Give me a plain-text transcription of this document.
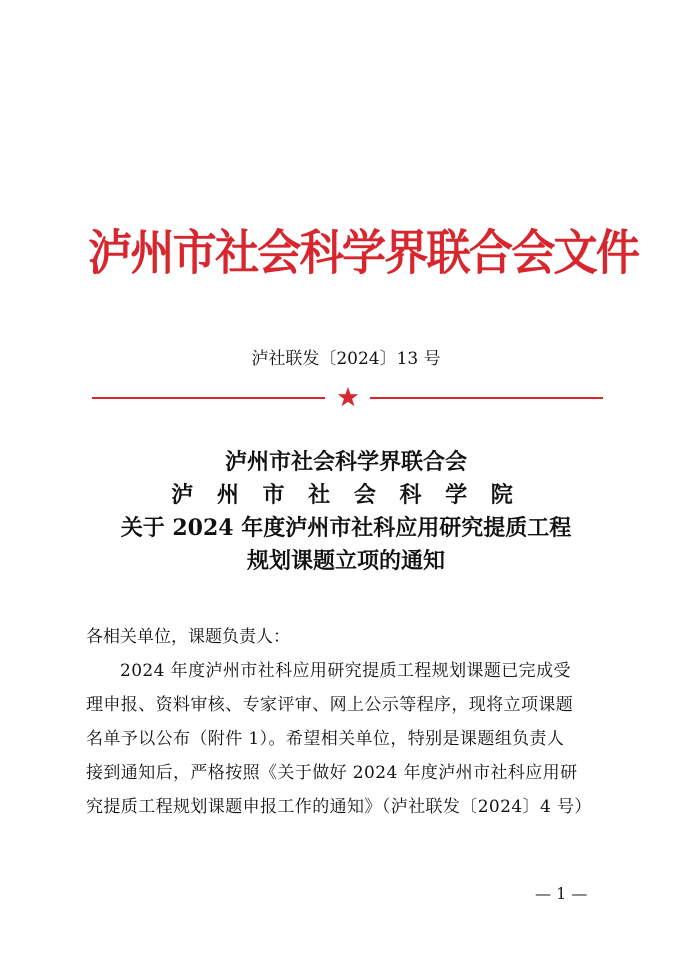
泸州市社会科学界联合会文件
泸社联发〔2024〕13 号
泸州市社会科学界联合会
泸 州 市 社 会 科 学 院
关于 2024 年度泸州市社科应用研究提质工程
规划课题立项的通知
各相关单位，课题负责人：
2024 年度泸州市社科应用研究提质工程规划课题已完成受
理申报、资料审核、专家评审、网上公示等程序，现将立项课题
名单予以公布（附件 1）。希望相关单位，特别是课题组负责人
接到通知后，严格按照《关于做好 2024 年度泸州市社科应用研
究提质工程规划课题申报工作的通知》（泸社联发〔2024〕4 号）
— 1 —
